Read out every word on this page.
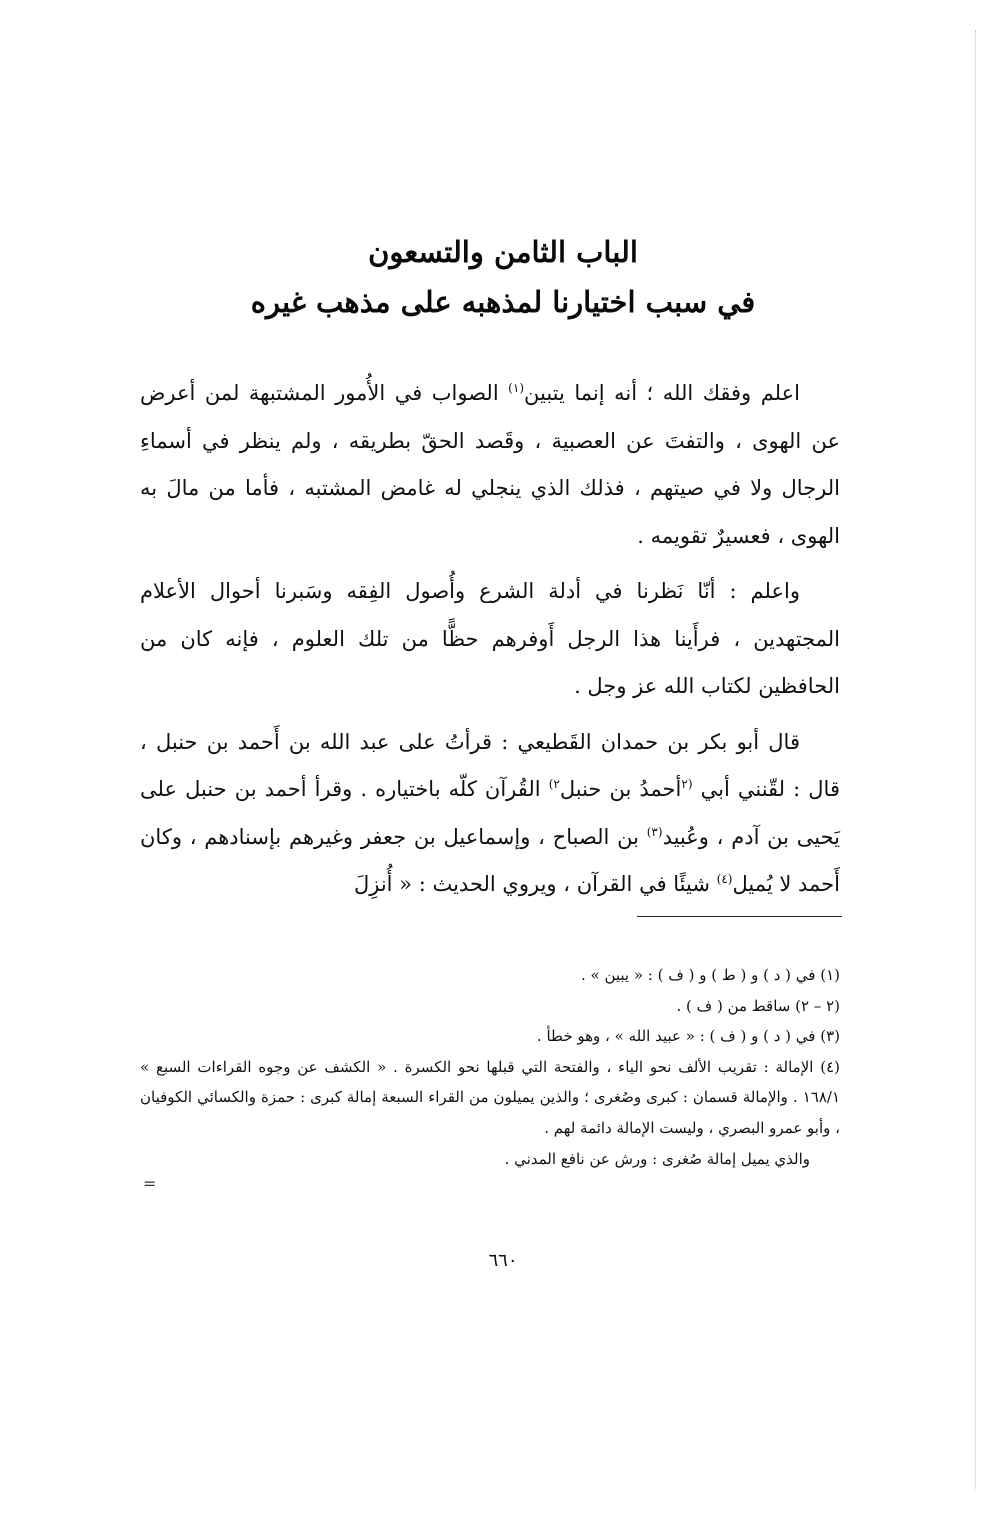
الباب الثامن والتسعون
في سبب اختيارنا لمذهبه على مذهب غيره

اعلم وفقك الله ؛ أنه إنما يتبين$^{(١)}$ الصواب في الأُمور المشتبهة لمن أعرض عن الهوى ، والتفتَ عن العصبية ، وقَصد الحقّ بطريقه ، ولم ينظر في أسماءِ الرجال ولا في صيتهم ، فذلك الذي ينجلي له غامض المشتبه ، فأما من مالَ به الهوى ، فعسيرٌ تقويمه .

واعلم : أنّا نَظرنا في أدلة الشرع وأُصول الفِقه وسَبرنا أحوال الأعلام المجتهدين ، فرأَينا هذا الرجل أَوفرهم حظًّا من تلك العلوم ، فإنه كان من الحافظين لكتاب الله عز وجل .

قال أبو بكر بن حمدان القَطيعي : قرأتُ على عبد الله بن أَحمد بن حنبل ، قال : لقّنني أبي $^{(٢}$أحمدُ بن حنبل$^{٢)}$ القُرآن كلّه باختياره . وقرأ أحمد بن حنبل على يَحيى بن آدم ، وعُبيد$^{(٣)}$ بن الصباح ، وإسماعيل بن جعفر وغيرهم بإسنادهم ، وكان أَحمد لا يُميل$^{(٤)}$ شيئًا في القرآن ، ويروي الحديث : « أُنزِلَ

(١) في ( د ) و ( ط ) و ( ف ) : « يبين » .

(٢ – ٢) ساقط من ( ف ) .

(٣) في ( د ) و ( ف ) : « عبيد الله » ، وهو خطأ .

(٤) الإمالة : تقريب الألف نحو الياء ، والفتحة التي قبلها نحو الكسرة . « الكشف عن وجوه القراءات السبع » ١٦٨/١ . والإمالة قسمان : كبرى وصُغرى ؛ والذين يميلون من القراء السبعة إمالة كبرى : حمزة والكسائي الكوفيان ، وأبو عمرو البصري ، وليست الإمالة دائمة لهم .

والذي يميل إمالة صُغرى : ورش عن نافع المدني .

=
٦٦٠
